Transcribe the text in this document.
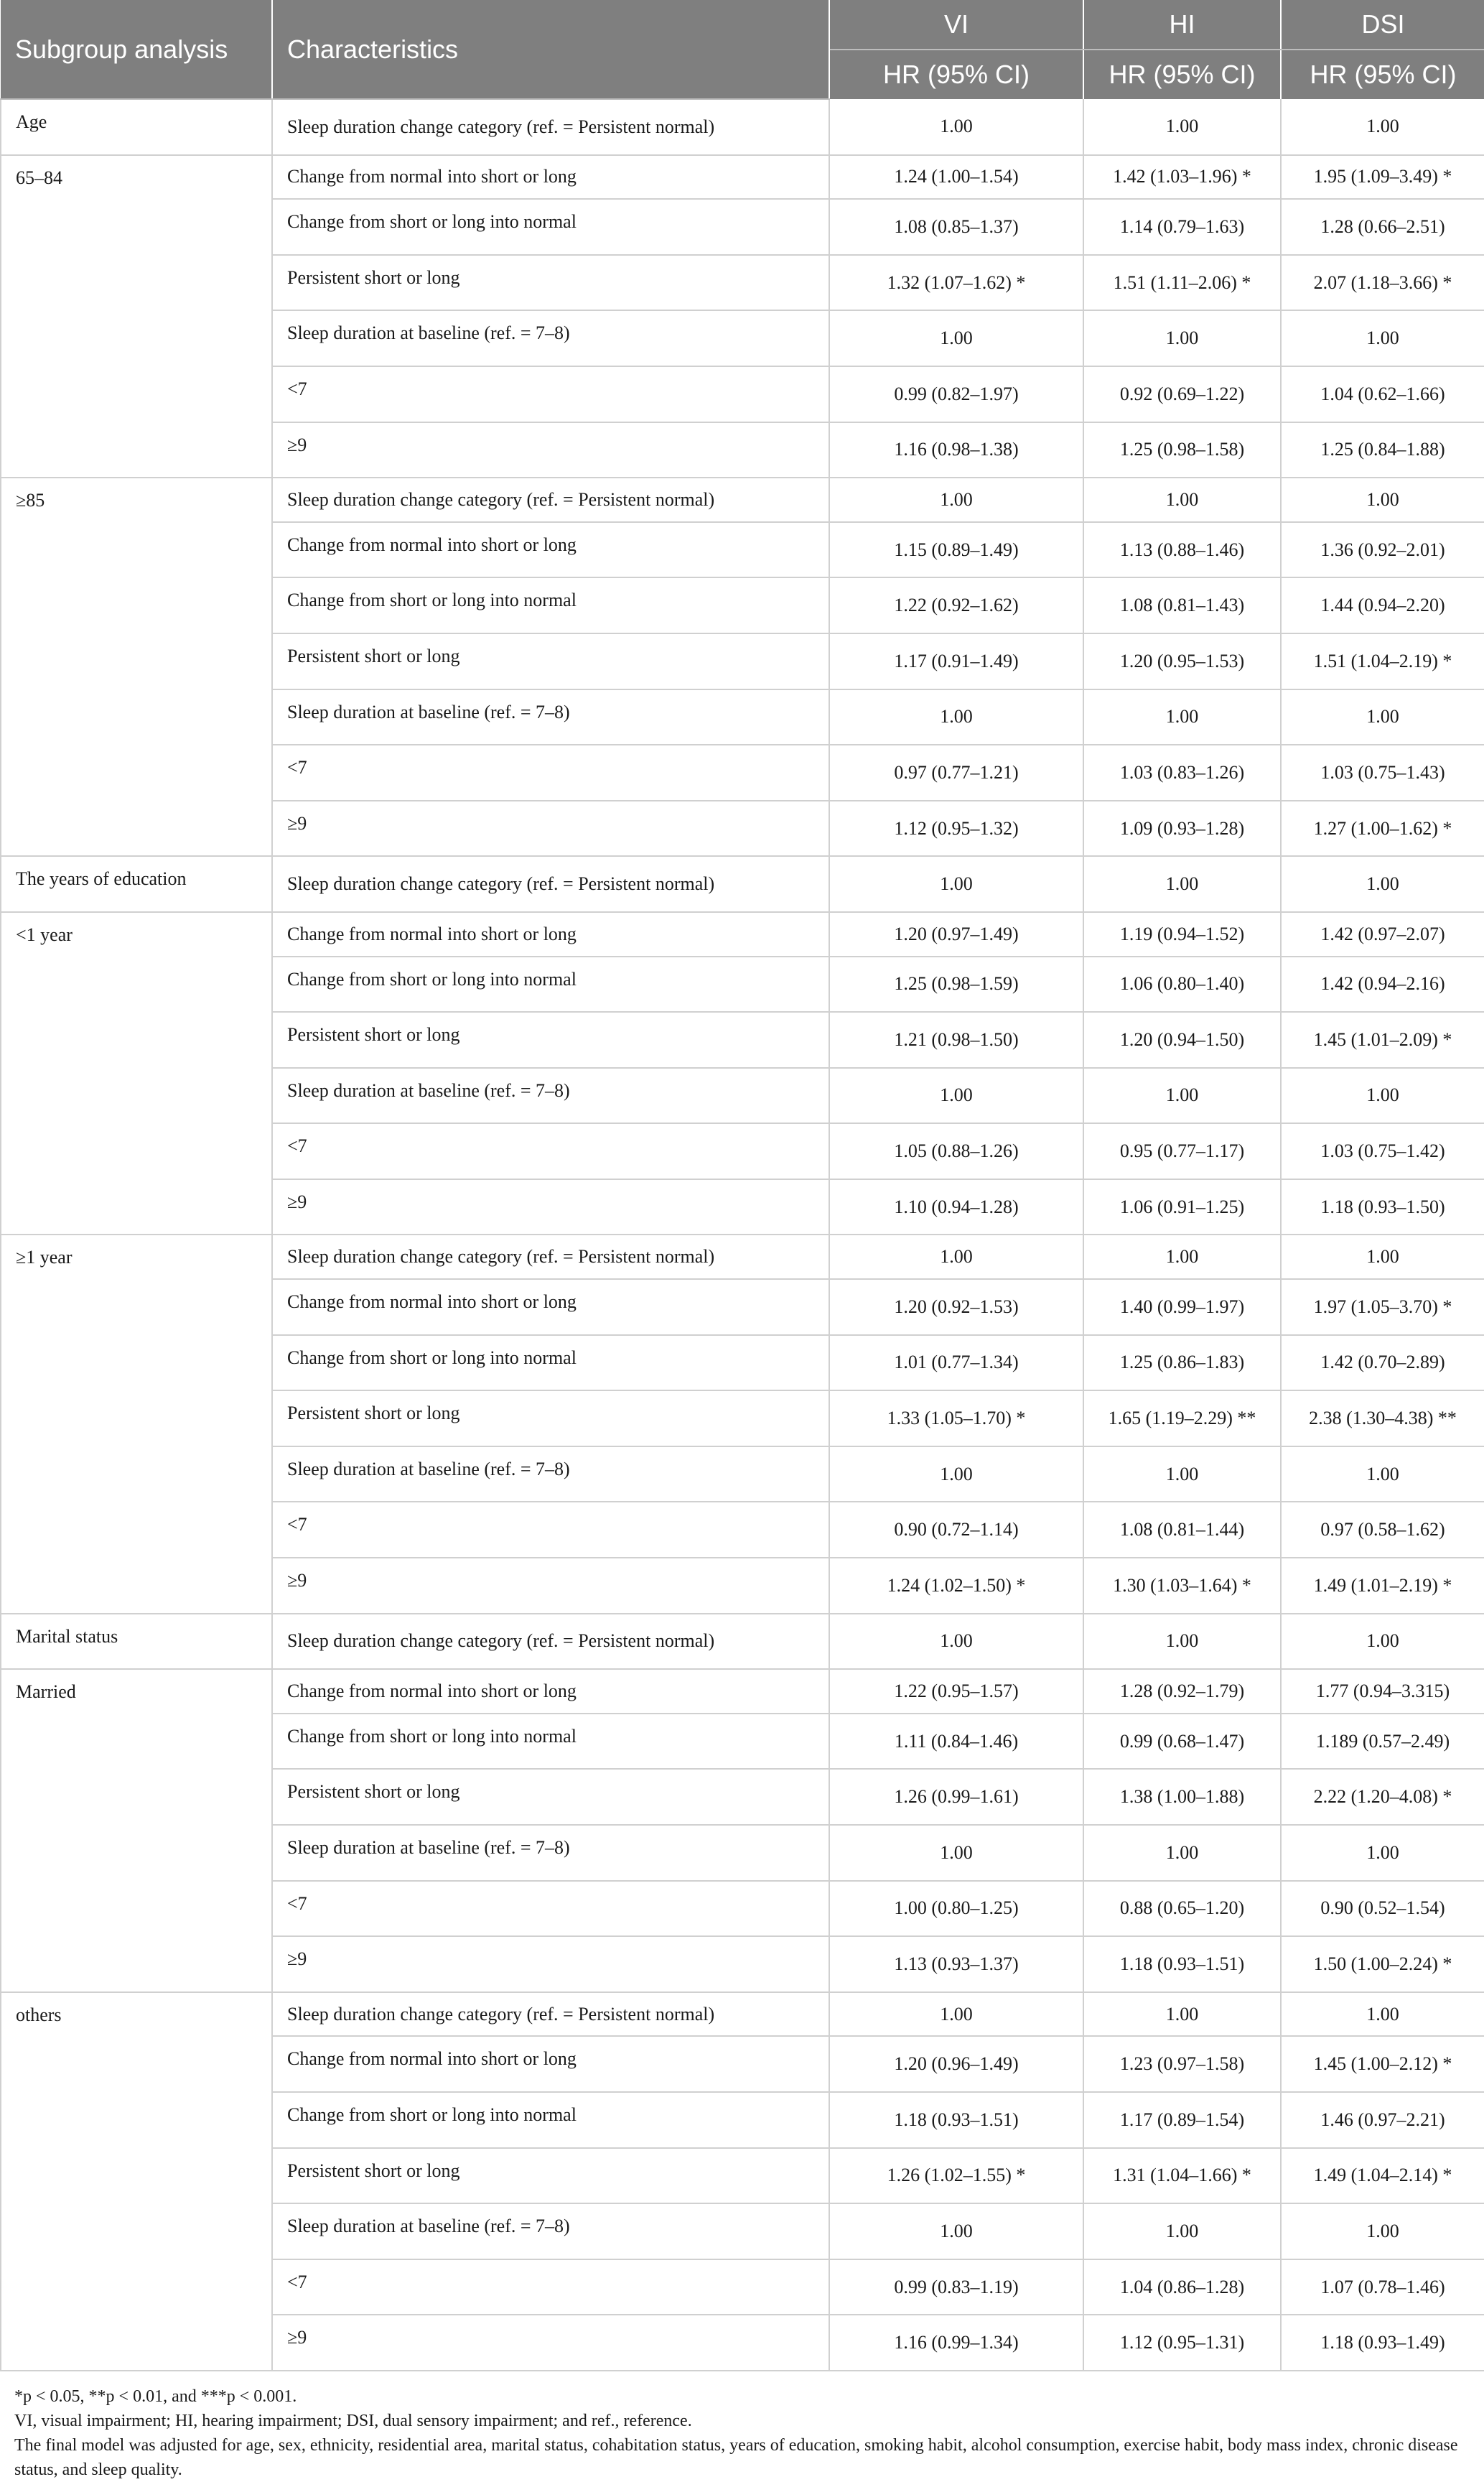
Subgroup analysis	Characteristics	VI	HI	DSI
		HR (95% CI)	HR (95% CI)	HR (95% CI)
Age	Sleep duration change category (ref. = Persistent normal)	1.00	1.00	1.00
65–84	Change from normal into short or long	1.24 (1.00–1.54)	1.42 (1.03–1.96) *	1.95 (1.09–3.49) *
	Change from short or long into normal	1.08 (0.85–1.37)	1.14 (0.79–1.63)	1.28 (0.66–2.51)
	Persistent short or long	1.32 (1.07–1.62) *	1.51 (1.11–2.06) *	2.07 (1.18–3.66) *
	Sleep duration at baseline (ref. = 7–8)	1.00	1.00	1.00
	<7	0.99 (0.82–1.97)	0.92 (0.69–1.22)	1.04 (0.62–1.66)
	≥9	1.16 (0.98–1.38)	1.25 (0.98–1.58)	1.25 (0.84–1.88)
≥85	Sleep duration change category (ref. = Persistent normal)	1.00	1.00	1.00
	Change from normal into short or long	1.15 (0.89–1.49)	1.13 (0.88–1.46)	1.36 (0.92–2.01)
	Change from short or long into normal	1.22 (0.92–1.62)	1.08 (0.81–1.43)	1.44 (0.94–2.20)
	Persistent short or long	1.17 (0.91–1.49)	1.20 (0.95–1.53)	1.51 (1.04–2.19) *
	Sleep duration at baseline (ref. = 7–8)	1.00	1.00	1.00
	<7	0.97 (0.77–1.21)	1.03 (0.83–1.26)	1.03 (0.75–1.43)
	≥9	1.12 (0.95–1.32)	1.09 (0.93–1.28)	1.27 (1.00–1.62) *
The years of education	Sleep duration change category (ref. = Persistent normal)	1.00	1.00	1.00
<1 year	Change from normal into short or long	1.20 (0.97–1.49)	1.19 (0.94–1.52)	1.42 (0.97–2.07)
	Change from short or long into normal	1.25 (0.98–1.59)	1.06 (0.80–1.40)	1.42 (0.94–2.16)
	Persistent short or long	1.21 (0.98–1.50)	1.20 (0.94–1.50)	1.45 (1.01–2.09) *
	Sleep duration at baseline (ref. = 7–8)	1.00	1.00	1.00
	<7	1.05 (0.88–1.26)	0.95 (0.77–1.17)	1.03 (0.75–1.42)
	≥9	1.10 (0.94–1.28)	1.06 (0.91–1.25)	1.18 (0.93–1.50)
≥1 year	Sleep duration change category (ref. = Persistent normal)	1.00	1.00	1.00
	Change from normal into short or long	1.20 (0.92–1.53)	1.40 (0.99–1.97)	1.97 (1.05–3.70) *
	Change from short or long into normal	1.01 (0.77–1.34)	1.25 (0.86–1.83)	1.42 (0.70–2.89)
	Persistent short or long	1.33 (1.05–1.70) *	1.65 (1.19–2.29) **	2.38 (1.30–4.38) **
	Sleep duration at baseline (ref. = 7–8)	1.00	1.00	1.00
	<7	0.90 (0.72–1.14)	1.08 (0.81–1.44)	0.97 (0.58–1.62)
	≥9	1.24 (1.02–1.50) *	1.30 (1.03–1.64) *	1.49 (1.01–2.19) *
Marital status	Sleep duration change category (ref. = Persistent normal)	1.00	1.00	1.00
Married	Change from normal into short or long	1.22 (0.95–1.57)	1.28 (0.92–1.79)	1.77 (0.94–3.315)
	Change from short or long into normal	1.11 (0.84–1.46)	0.99 (0.68–1.47)	1.189 (0.57–2.49)
	Persistent short or long	1.26 (0.99–1.61)	1.38 (1.00–1.88)	2.22 (1.20–4.08) *
	Sleep duration at baseline (ref. = 7–8)	1.00	1.00	1.00
	<7	1.00 (0.80–1.25)	0.88 (0.65–1.20)	0.90 (0.52–1.54)
	≥9	1.13 (0.93–1.37)	1.18 (0.93–1.51)	1.50 (1.00–2.24) *
others	Sleep duration change category (ref. = Persistent normal)	1.00	1.00	1.00
	Change from normal into short or long	1.20 (0.96–1.49)	1.23 (0.97–1.58)	1.45 (1.00–2.12) *
	Change from short or long into normal	1.18 (0.93–1.51)	1.17 (0.89–1.54)	1.46 (0.97–2.21)
	Persistent short or long	1.26 (1.02–1.55) *	1.31 (1.04–1.66) *	1.49 (1.04–2.14) *
	Sleep duration at baseline (ref. = 7–8)	1.00	1.00	1.00
	<7	0.99 (0.83–1.19)	1.04 (0.86–1.28)	1.07 (0.78–1.46)
	≥9	1.16 (0.99–1.34)	1.12 (0.95–1.31)	1.18 (0.93–1.49)

*p < 0.05, **p < 0.01, and ***p < 0.001.

VI, visual impairment; HI, hearing impairment; DSI, dual sensory impairment; and ref., reference.

The final model was adjusted for age, sex, ethnicity, residential area, marital status, cohabitation status, years of education, smoking habit, alcohol consumption, exercise habit, body mass index, chronic disease status, and sleep quality.
